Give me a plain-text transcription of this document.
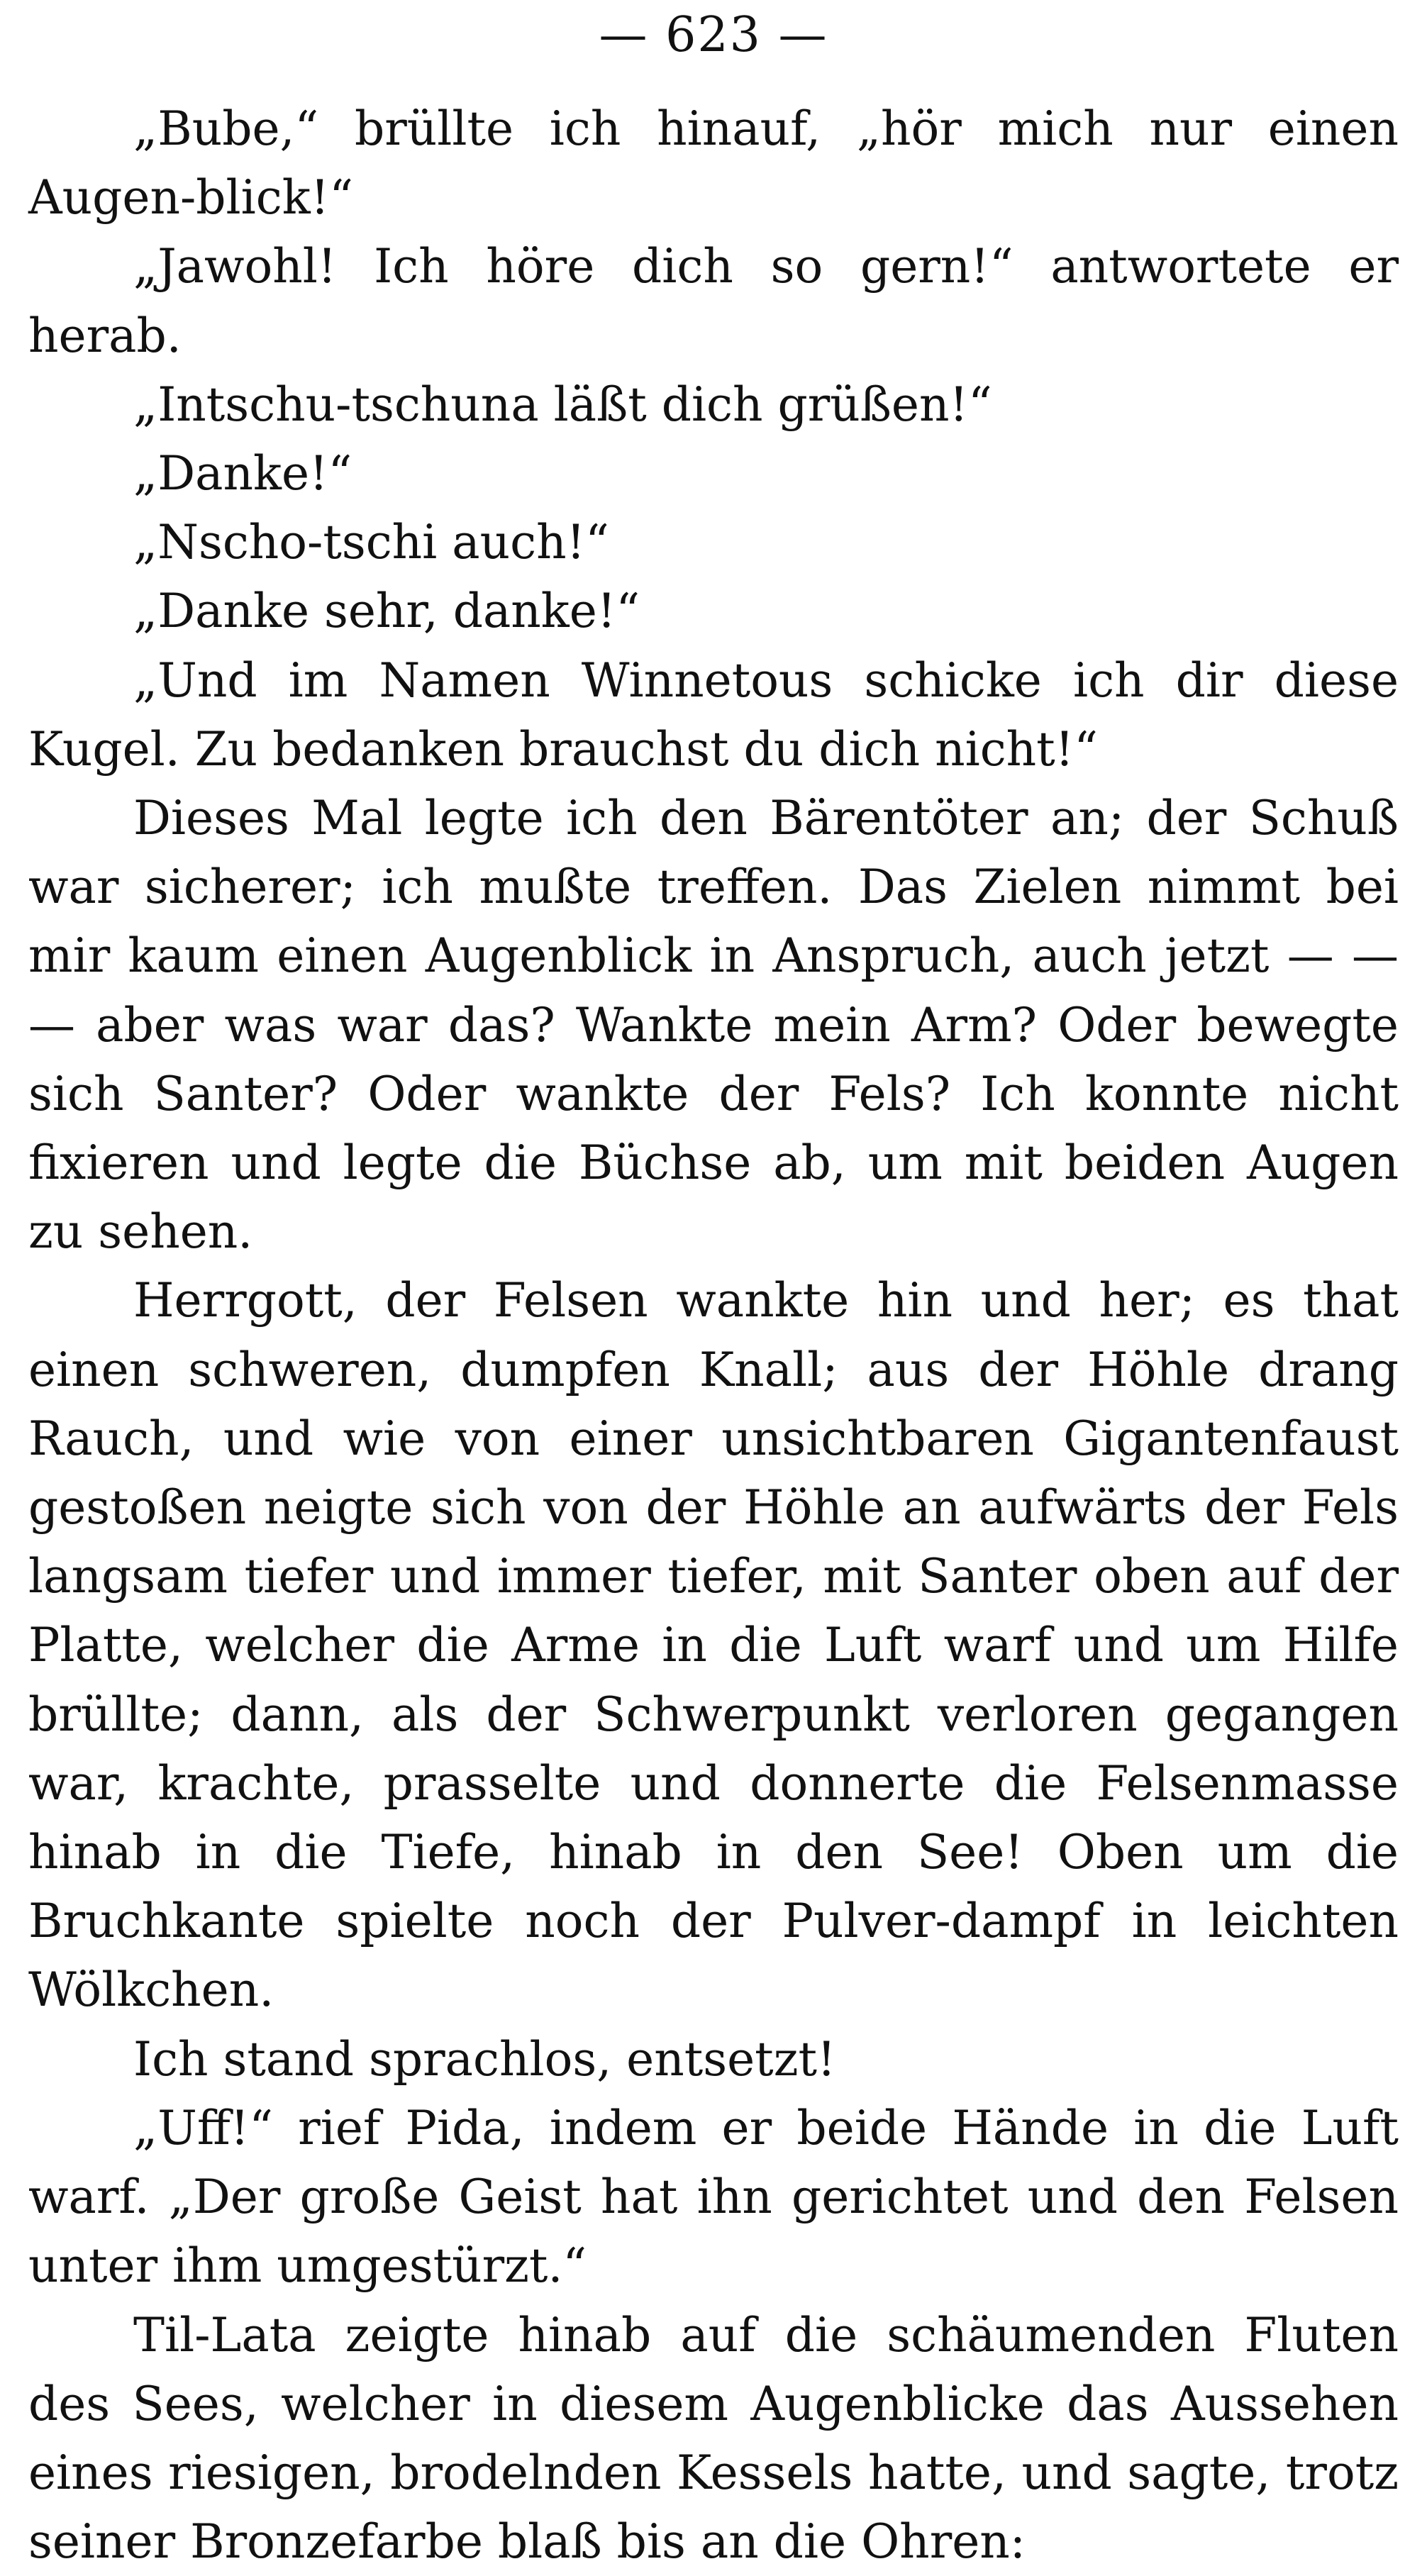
— 623 —

„Bube,“ brüllte ich hinauf, „hör mich nur einen Augen-blick!“

„Jawohl! Ich höre dich so gern!“ antwortete er herab.

„Intschu-tschuna läßt dich grüßen!“

„Danke!“

„Nscho-tschi auch!“

„Danke sehr, danke!“

„Und im Namen Winnetous schicke ich dir diese Kugel. Zu bedanken brauchst du dich nicht!“

Dieses Mal legte ich den Bärentöter an; der Schuß war sicherer; ich mußte treffen. Das Zielen nimmt bei mir kaum einen Augenblick in Anspruch, auch jetzt — — — aber was war das? Wankte mein Arm? Oder bewegte sich Santer? Oder wankte der Fels? Ich konnte nicht fixieren und legte die Büchse ab, um mit beiden Augen zu sehen.

Herrgott, der Felsen wankte hin und her; es that einen schweren, dumpfen Knall; aus der Höhle drang Rauch, und wie von einer unsichtbaren Gigantenfaust gestoßen neigte sich von der Höhle an aufwärts der Fels langsam tiefer und immer tiefer, mit Santer oben auf der Platte, welcher die Arme in die Luft warf und um Hilfe brüllte; dann, als der Schwerpunkt verloren gegangen war, krachte, prasselte und donnerte die Felsenmasse hinab in die Tiefe, hinab in den See! Oben um die Bruchkante spielte noch der Pulver-dampf in leichten Wölkchen.

Ich stand sprachlos, entsetzt!

„Uff!“ rief Pida, indem er beide Hände in die Luft warf. „Der große Geist hat ihn gerichtet und den Felsen unter ihm umgestürzt.“

Til-Lata zeigte hinab auf die schäumenden Fluten des Sees, welcher in diesem Augenblicke das Aussehen eines riesigen, brodelnden Kessels hatte, und sagte, trotz seiner Bronzefarbe blaß bis an die Ohren:
